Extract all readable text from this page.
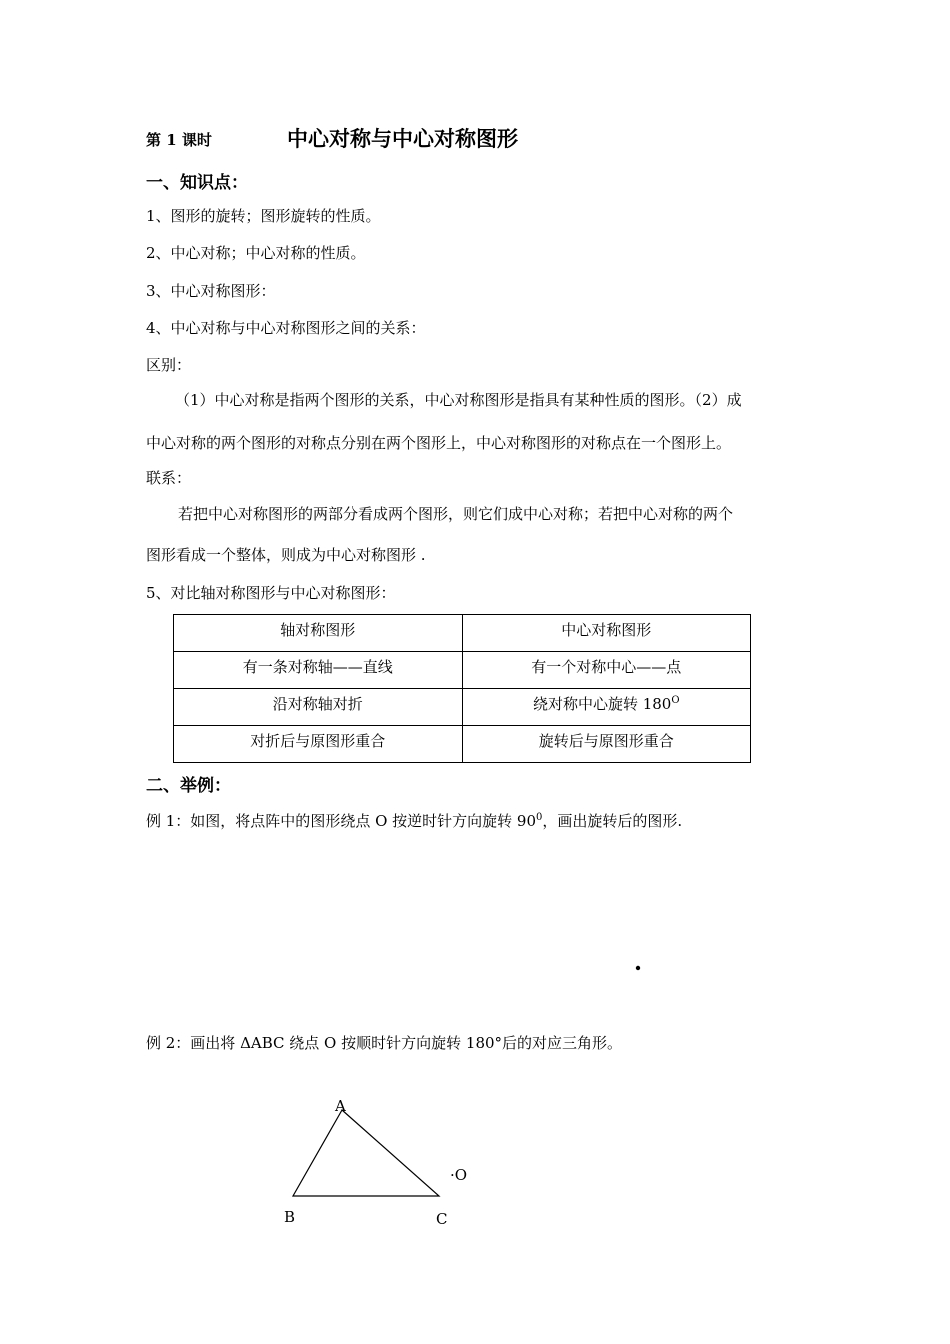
第 1 课时	中心对称与中心对称图形
一、知识点：
1、图形的旋转；图形旋转的性质。
2、中心对称；中心对称的性质。
3、中心对称图形：
4、中心对称与中心对称图形之间的关系：
区别：
（1）中心对称是指两个图形的关系，中心对称图形是指具有某种性质的图形。（2）成
中心对称的两个图形的对称点分别在两个图形上，中心对称图形的对称点在一个图形上。
联系：
若把中心对称图形的两部分看成两个图形，则它们成中心对称；若把中心对称的两个
图形看成一个整体，则成为中心对称图形 .
5、对比轴对称图形与中心对称图形：
轴对称图形	中心对称图形
有一条对称轴——直线	有一个对称中心——点
沿对称轴对折	绕对称中心旋转 $180^O$
对折后与原图形重合	旋转后与原图形重合
二、举例：
例 1：如图，将点阵中的图形绕点 O 按逆时针方向旋转 $90^0$，画出旋转后的图形.
例 2：画出将 ΔABC 绕点 O 按顺时针方向旋转 180°后的对应三角形。
A
B	C
·O
